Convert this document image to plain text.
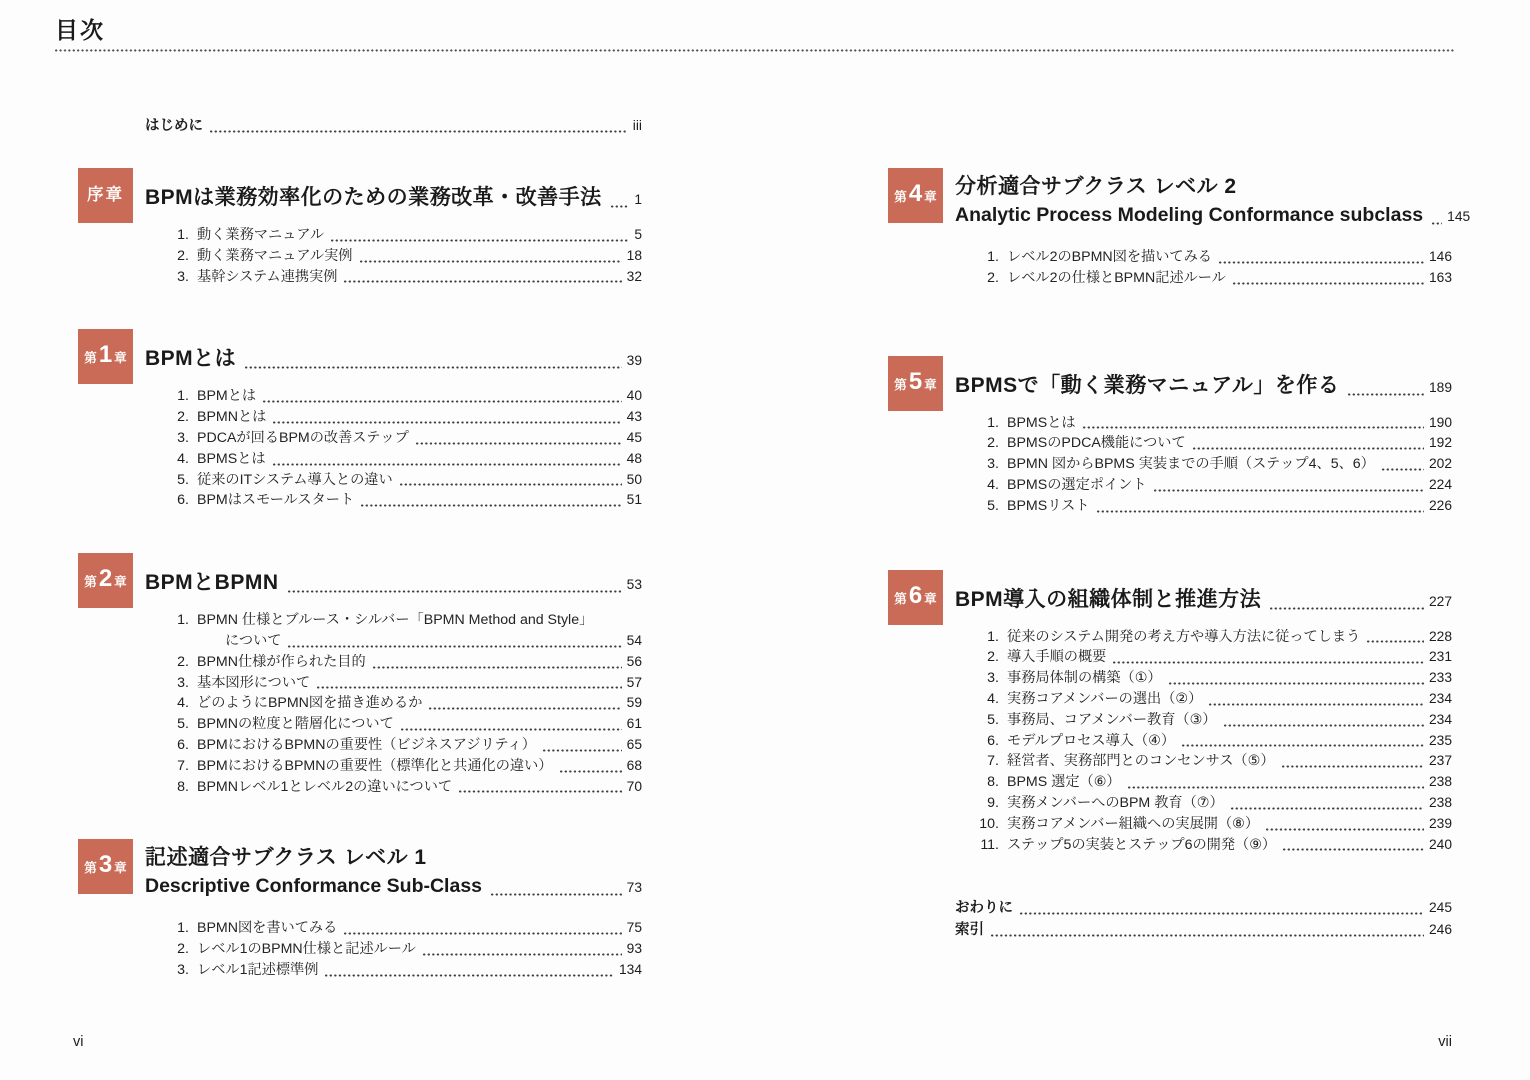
目次
はじめに	iii
序章 BPMは業務効率化のための業務改革・改善手法 1
1. 動く業務マニュアル	5
2. 動く業務マニュアル実例	18
3. 基幹システム連携実例	32
第 1 章 BPMとは	39
1. BPMとは	40
2. BPMNとは	43
3. PDCAが回るBPMの改善ステップ	45
4. BPMSとは	48
5. 従来のITシステム導入との違い	50
6. BPMはスモールスタート	51
第 2 章 BPMとBPMN	53
1. BPMN 仕様とブルース・シルバー「BPMN Method and Style」
について	54
2. BPMN仕様が作られた目的	56
3. 基本図形について	57
4. どのようにBPMN図を描き進めるか	59
5. BPMNの粒度と階層化について	61
6. BPMにおけるBPMNの重要性（ビジネスアジリティ）	65
7. BPMにおけるBPMNの重要性（標準化と共通化の違い）	68
8. BPMNレベル1とレベル2の違いについて	70
第 3 章 記述適合サブクラス レベル 1
Descriptive Conformance Sub-Class	73
1. BPMN図を書いてみる	75
2. レベル1のBPMN仕様と記述ルール	93
3. レベル1記述標準例	134
第 4 章 分析適合サブクラス レベル 2
Analytic Process Modeling Conformance subclass 145
1. レベル2のBPMN図を描いてみる	146
2. レベル2の仕様とBPMN記述ルール	163
第 5 章 BPMSで「動く業務マニュアル」を作る	189
1. BPMSとは	190
2. BPMSのPDCA機能について	192
3. BPMN 図からBPMS 実装までの手順（ステップ4、5、6）	202
4. BPMSの選定ポイント	224
5. BPMSリスト	226
第 6 章 BPM導入の組織体制と推進方法	227
1. 従来のシステム開発の考え方や導入方法に従ってしまう	228
2. 導入手順の概要	231
3. 事務局体制の構築（①）	233
4. 実務コアメンバーの選出（②）	234
5. 事務局、コアメンバー教育（③）	234
6. モデルプロセス導入（④）	235
7. 経営者、実務部門とのコンセンサス（⑤）	237
8. BPMS 選定（⑥）	238
9. 実務メンバーへのBPM 教育（⑦）	238
10. 実務コアメンバー組織への実展開（⑧）	239
11. ステップ5の実装とステップ6の開発（⑨）	240
おわりに	245
索引	246
vi	vii
